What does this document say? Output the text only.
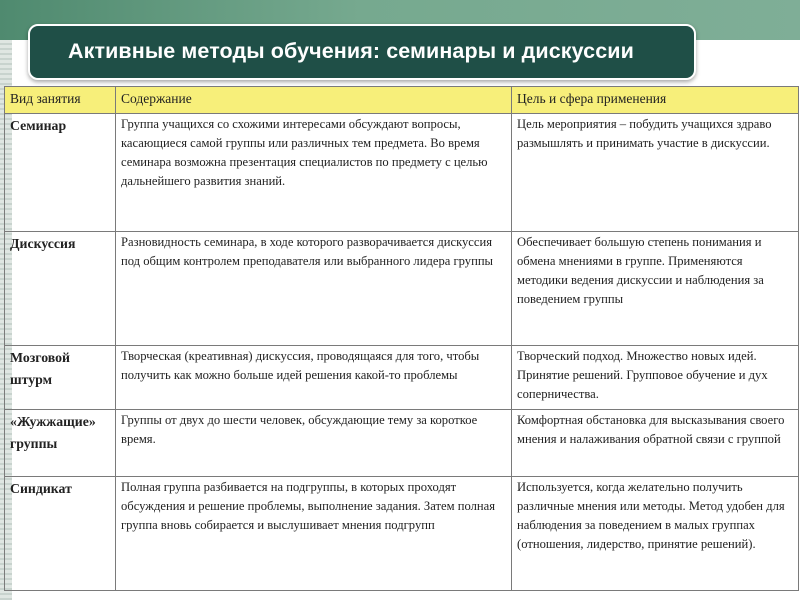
Активные методы обучения: семинары и дискуссии
Вид занятия	Содержание	Цель и сфера применения
Семинар	Группа учащихся со схожими интересами обсуждают вопросы, касающиеся самой группы или различных тем предмета. Во время семинара возможна презентация специалистов по предмету с целью дальнейшего развития знаний.	Цель мероприятия – побудить учащихся здраво размышлять и принимать участие в дискуссии.
Дискуссия	Разновидность семинара, в ходе которого разворачивается дискуссия под общим контролем преподавателя или выбранного лидера группы	Обеспечивает большую степень понимания и обмена мнениями в группе. Применяются методики ведения дискуссии и наблюдения за поведением группы
Мозговой штурм	Творческая (креативная) дискуссия, проводящаяся для того, чтобы получить как можно больше идей решения какой-то проблемы	Творческий подход. Множество новых идей. Принятие решений. Групповое обучение и дух соперничества.
«Жужжащие» группы	Группы от двух до шести человек, обсуждающие тему за короткое время.	Комфортная обстановка для высказывания своего мнения и налаживания обратной связи с группой
Синдикат	Полная группа разбивается на подгруппы, в которых проходят обсуждения и решение проблемы, выполнение задания. Затем полная группа вновь собирается и выслушивает мнения подгрупп	Используется, когда желательно получить различные мнения или методы. Метод удобен для наблюдения за поведением в малых группах (отношения, лидерство, принятие решений).
